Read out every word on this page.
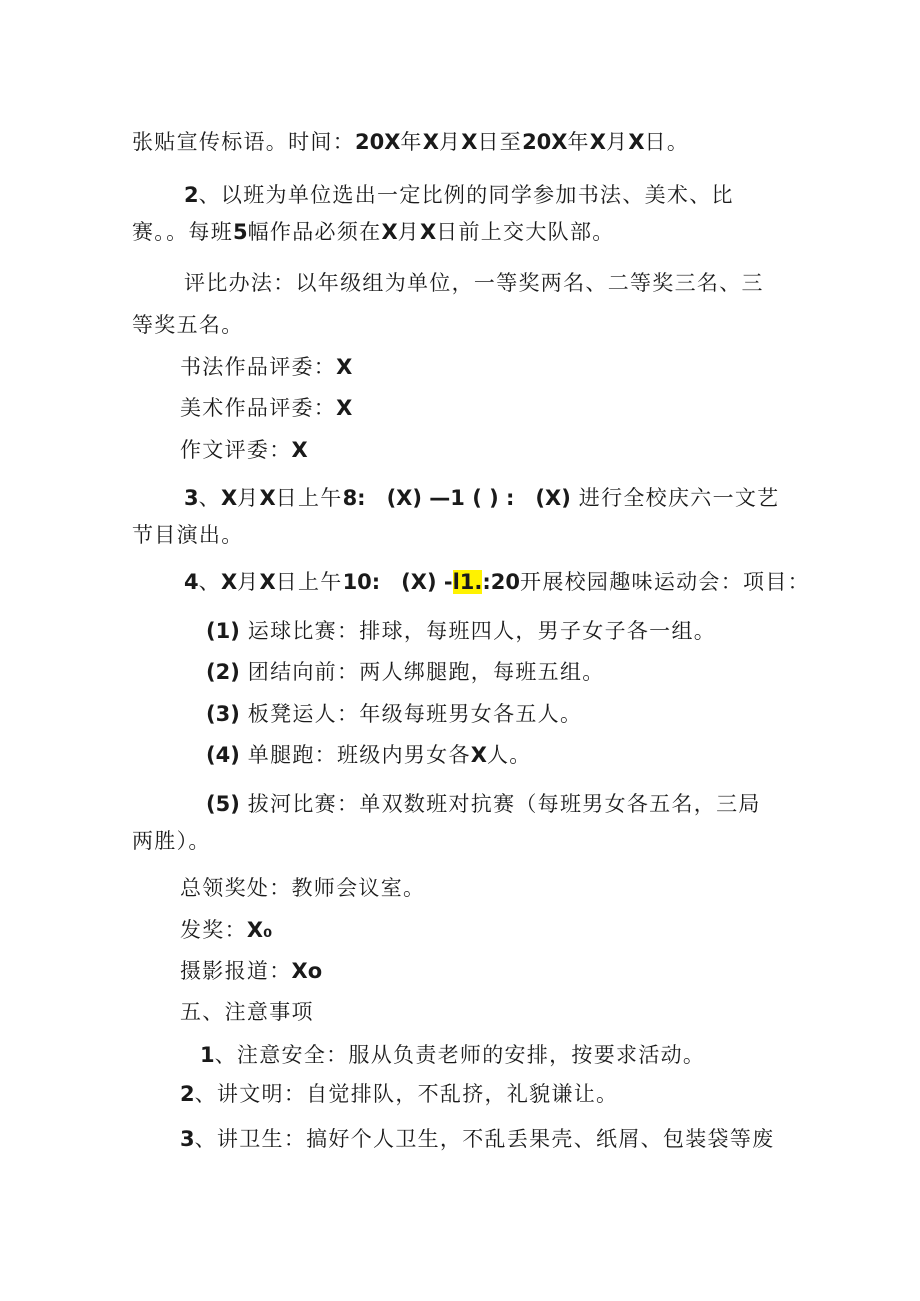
张贴宣传标语。时间：20X年X月X日至20X年X月X日。
2、以班为单位选出一定比例的同学参加书法、美术、比
赛。。每班5幅作品必须在X月X日前上交大队部。
评比办法：以年级组为单位，一等奖两名、二等奖三名、三
等奖五名。
书法作品评委：X
美术作品评委：X
作文评委：X
3、X月X日上午8:　(X) —1 ( ) :　(X) 进行全校庆六一文艺
节目演出。
4、X月X日上午10:　(X) -l1.:20开展校园趣味运动会：项目：
(1) 运球比赛：排球，每班四人，男子女子各一组。
(2) 团结向前：两人绑腿跑，每班五组。
(3) 板凳运人：年级每班男女各五人。
(4) 单腿跑：班级内男女各X人。
(5) 拔河比赛：单双数班对抗赛（每班男女各五名，三局
两胜）。
总领奖处：教师会议室。
发奖：X₀
摄影报道：Xo
五、注意事项
1、注意安全：服从负责老师的安排，按要求活动。
2、讲文明：自觉排队，不乱挤，礼貌谦让。
3、讲卫生：搞好个人卫生，不乱丢果壳、纸屑、包装袋等废
